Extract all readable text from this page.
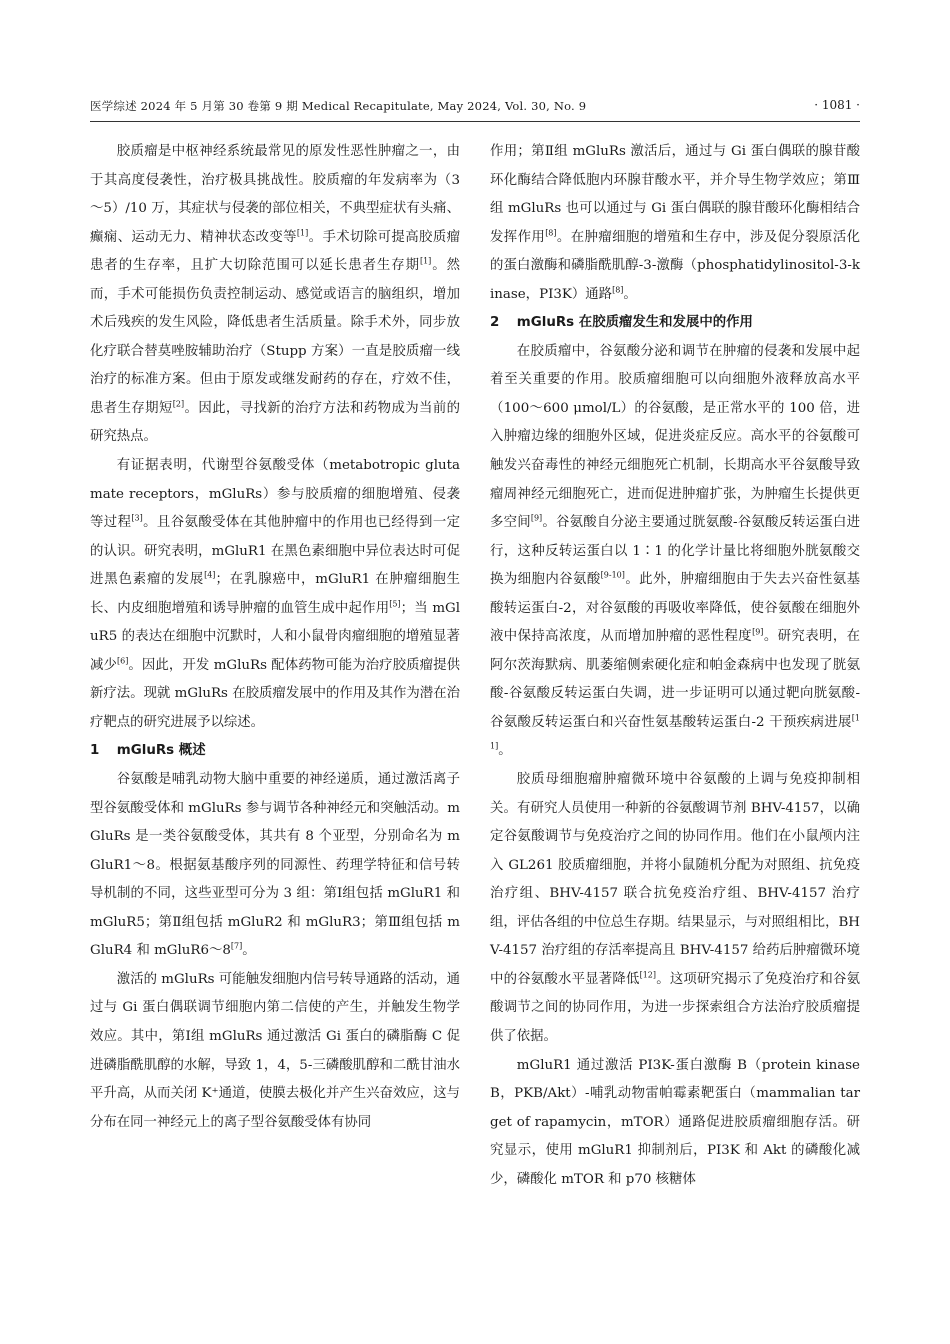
医学综述 2024 年 5 月第 30 卷第 9 期 Medical Recapitulate, May 2024, Vol. 30, No. 9	· 1081 ·

胶质瘤是中枢神经系统最常见的原发性恶性肿瘤之一，由于其高度侵袭性，治疗极具挑战性。胶质瘤的年发病率为（3～5）/10 万，其症状与侵袭的部位相关，不典型症状有头痛、癫痫、运动无力、精神状态改变等[1]。手术切除可提高胶质瘤患者的生存率，且扩大切除范围可以延长患者生存期[1]。然而，手术可能损伤负责控制运动、感觉或语言的脑组织，增加术后残疾的发生风险，降低患者生活质量。除手术外，同步放化疗联合替莫唑胺辅助治疗（Stupp 方案）一直是胶质瘤一线治疗的标准方案。但由于原发或继发耐药的存在，疗效不佳，患者生存期短[2]。因此，寻找新的治疗方法和药物成为当前的研究热点。

有证据表明，代谢型谷氨酸受体（metabotropic glutamate receptors，mGluRs）参与胶质瘤的细胞增殖、侵袭等过程[3]。且谷氨酸受体在其他肿瘤中的作用也已经得到一定的认识。研究表明，mGluR1 在黑色素细胞中异位表达时可促进黑色素瘤的发展[4]；在乳腺癌中，mGluR1 在肿瘤细胞生长、内皮细胞增殖和诱导肿瘤的血管生成中起作用[5]；当 mGluR5 的表达在细胞中沉默时，人和小鼠骨肉瘤细胞的增殖显著减少[6]。因此，开发 mGluRs 配体药物可能为治疗胶质瘤提供新疗法。现就 mGluRs 在胶质瘤发展中的作用及其作为潜在治疗靶点的研究进展予以综述。

1 mGluRs 概述

谷氨酸是哺乳动物大脑中重要的神经递质，通过激活离子型谷氨酸受体和 mGluRs 参与调节各种神经元和突触活动。mGluRs 是一类谷氨酸受体，其共有 8 个亚型，分别命名为 mGluR1～8。根据氨基酸序列的同源性、药理学特征和信号转导机制的不同，这些亚型可分为 3 组：第Ⅰ组包括 mGluR1 和 mGluR5；第Ⅱ组包括 mGluR2 和 mGluR3；第Ⅲ组包括 mGluR4 和 mGluR6～8[7]。

激活的 mGluRs 可能触发细胞内信号转导通路的活动，通过与 Gi 蛋白偶联调节细胞内第二信使的产生，并触发生物学效应。其中，第Ⅰ组 mGluRs 通过激活 Gi 蛋白的磷脂酶 C 促进磷脂酰肌醇的水解，导致 1，4，5-三磷酸肌醇和二酰甘油水平升高，从而关闭 K⁺通道，使膜去极化并产生兴奋效应，这与分布在同一神经元上的离子型谷氨酸受体有协同

作用；第Ⅱ组 mGluRs 激活后，通过与 Gi 蛋白偶联的腺苷酸环化酶结合降低胞内环腺苷酸水平，并介导生物学效应；第Ⅲ组 mGluRs 也可以通过与 Gi 蛋白偶联的腺苷酸环化酶相结合发挥作用[8]。在肿瘤细胞的增殖和生存中，涉及促分裂原活化的蛋白激酶和磷脂酰肌醇-3-激酶（phosphatidylinositol-3-kinase，PI3K）通路[8]。

2 mGluRs 在胶质瘤发生和发展中的作用

在胶质瘤中，谷氨酸分泌和调节在肿瘤的侵袭和发展中起着至关重要的作用。胶质瘤细胞可以向细胞外液释放高水平（100～600 μmol/L）的谷氨酸，是正常水平的 100 倍，进入肿瘤边缘的细胞外区域，促进炎症反应。高水平的谷氨酸可触发兴奋毒性的神经元细胞死亡机制，长期高水平谷氨酸导致瘤周神经元细胞死亡，进而促进肿瘤扩张，为肿瘤生长提供更多空间[9]。谷氨酸自分泌主要通过胱氨酸-谷氨酸反转运蛋白进行，这种反转运蛋白以 1∶1 的化学计量比将细胞外胱氨酸交换为细胞内谷氨酸[9-10]。此外，肿瘤细胞由于失去兴奋性氨基酸转运蛋白-2，对谷氨酸的再吸收率降低，使谷氨酸在细胞外液中保持高浓度，从而增加肿瘤的恶性程度[9]。研究表明，在阿尔茨海默病、肌萎缩侧索硬化症和帕金森病中也发现了胱氨酸-谷氨酸反转运蛋白失调，进一步证明可以通过靶向胱氨酸-谷氨酸反转运蛋白和兴奋性氨基酸转运蛋白-2 干预疾病进展[11]。

胶质母细胞瘤肿瘤微环境中谷氨酸的上调与免疫抑制相关。有研究人员使用一种新的谷氨酸调节剂 BHV-4157，以确定谷氨酸调节与免疫治疗之间的协同作用。他们在小鼠颅内注入 GL261 胶质瘤细胞，并将小鼠随机分配为对照组、抗免疫治疗组、BHV-4157 联合抗免疫治疗组、BHV-4157 治疗组，评估各组的中位总生存期。结果显示，与对照组相比，BHV-4157 治疗组的存活率提高且 BHV-4157 给药后肿瘤微环境中的谷氨酸水平显著降低[12]。这项研究揭示了免疫治疗和谷氨酸调节之间的协同作用，为进一步探索组合方法治疗胶质瘤提供了依据。

mGluR1 通过激活 PI3K-蛋白激酶 B（protein kinase B，PKB/Akt）-哺乳动物雷帕霉素靶蛋白（mammalian target of rapamycin，mTOR）通路促进胶质瘤细胞存活。研究显示，使用 mGluR1 抑制剂后，PI3K 和 Akt 的磷酸化减少，磷酸化 mTOR 和 p70 核糖体
